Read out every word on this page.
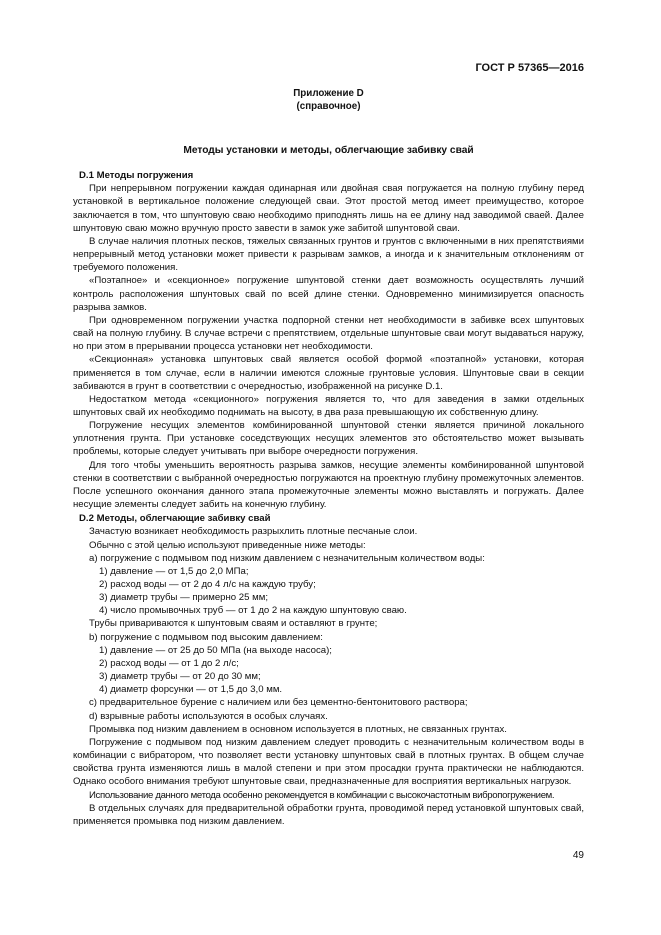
ГОСТ Р 57365—2016
Приложение D
(справочное)
Методы установки и методы, облегчающие забивку свай
D.1 Методы погружения

При непрерывном погружении каждая одинарная или двойная свая погружается на полную глубину перед установкой в вертикальное положение следующей сваи. Этот простой метод имеет преимущество, которое заключается в том, что шпунтовую сваю необходимо приподнять лишь на ее длину над заводимой сваей. Далее шпунтовую сваю можно вручную просто завести в замок уже забитой шпунтовой сваи.

В случае наличия плотных песков, тяжелых связанных грунтов и грунтов с включенными в них препятствиями непрерывный метод установки может привести к разрывам замков, а иногда и к значительным отклонениям от требуемого положения.

«Поэтапное» и «секционное» погружение шпунтовой стенки дает возможность осуществлять лучший контроль расположения шпунтовых свай по всей длине стенки. Одновременно минимизируется опасность разрыва замков.

При одновременном погружении участка подпорной стенки нет необходимости в забивке всех шпунтовых свай на полную глубину. В случае встречи с препятствием, отдельные шпунтовые сваи могут выдаваться наружу, но при этом в прерывании процесса установки нет необходимости.

«Секционная» установка шпунтовых свай является особой формой «поэтапной» установки, которая применяется в том случае, если в наличии имеются сложные грунтовые условия. Шпунтовые сваи в секции забиваются в грунт в соответствии с очередностью, изображенной на рисунке D.1.

Недостатком метода «секционного» погружения является то, что для заведения в замки отдельных шпунтовых свай их необходимо поднимать на высоту, в два раза превышающую их собственную длину.

Погружение несущих элементов комбинированной шпунтовой стенки является причиной локального уплотнения грунта. При установке соседствующих несущих элементов это обстоятельство может вызывать проблемы, которые следует учитывать при выборе очередности погружения.

Для того чтобы уменьшить вероятность разрыва замков, несущие элементы комбинированной шпунтовой стенки в соответствии с выбранной очередностью погружаются на проектную глубину промежуточных элементов. После успешного окончания данного этапа промежуточные элементы можно выставлять и погружать. Далее несущие элементы следует забить на конечную глубину.

D.2 Методы, облегчающие забивку свай

Зачастую возникает необходимость разрыхлить плотные песчаные слои.

Обычно с этой целью используют приведенные ниже методы:

a) погружение с подмывом под низким давлением с незначительным количеством воды:

1) давление — от 1,5 до 2,0 МПа;

2) расход воды — от 2 до 4 л/с на каждую трубу;

3) диаметр трубы — примерно 25 мм;

4) число промывочных труб — от 1 до 2 на каждую шпунтовую сваю.

Трубы привариваются к шпунтовым сваям и оставляют в грунте;

b) погружение с подмывом под высоким давлением:

1) давление — от 25 до 50 МПа (на выходе насоса);

2) расход воды — от 1 до 2 л/с;

3) диаметр трубы — от 20 до 30 мм;

4) диаметр форсунки — от 1,5 до 3,0 мм.

c) предварительное бурение с наличием или без цементно-бентонитового раствора;

d) взрывные работы используются в особых случаях.

Промывка под низким давлением в основном используется в плотных, не связанных грунтах.

Погружение с подмывом под низким давлением следует проводить с незначительным количеством воды в комбинации с вибратором, что позволяет вести установку шпунтовых свай в плотных грунтах. В общем случае свойства грунта изменяются лишь в малой степени и при этом просадки грунта практически не наблюдаются. Однако особого внимания требуют шпунтовые сваи, предназначенные для восприятия вертикальных нагрузок.

Использование данного метода особенно рекомендуется в комбинации с высокочастотным вибропогружением.

В отдельных случаях для предварительной обработки грунта, проводимой перед установкой шпунтовых свай, применяется промывка под низким давлением.

49
